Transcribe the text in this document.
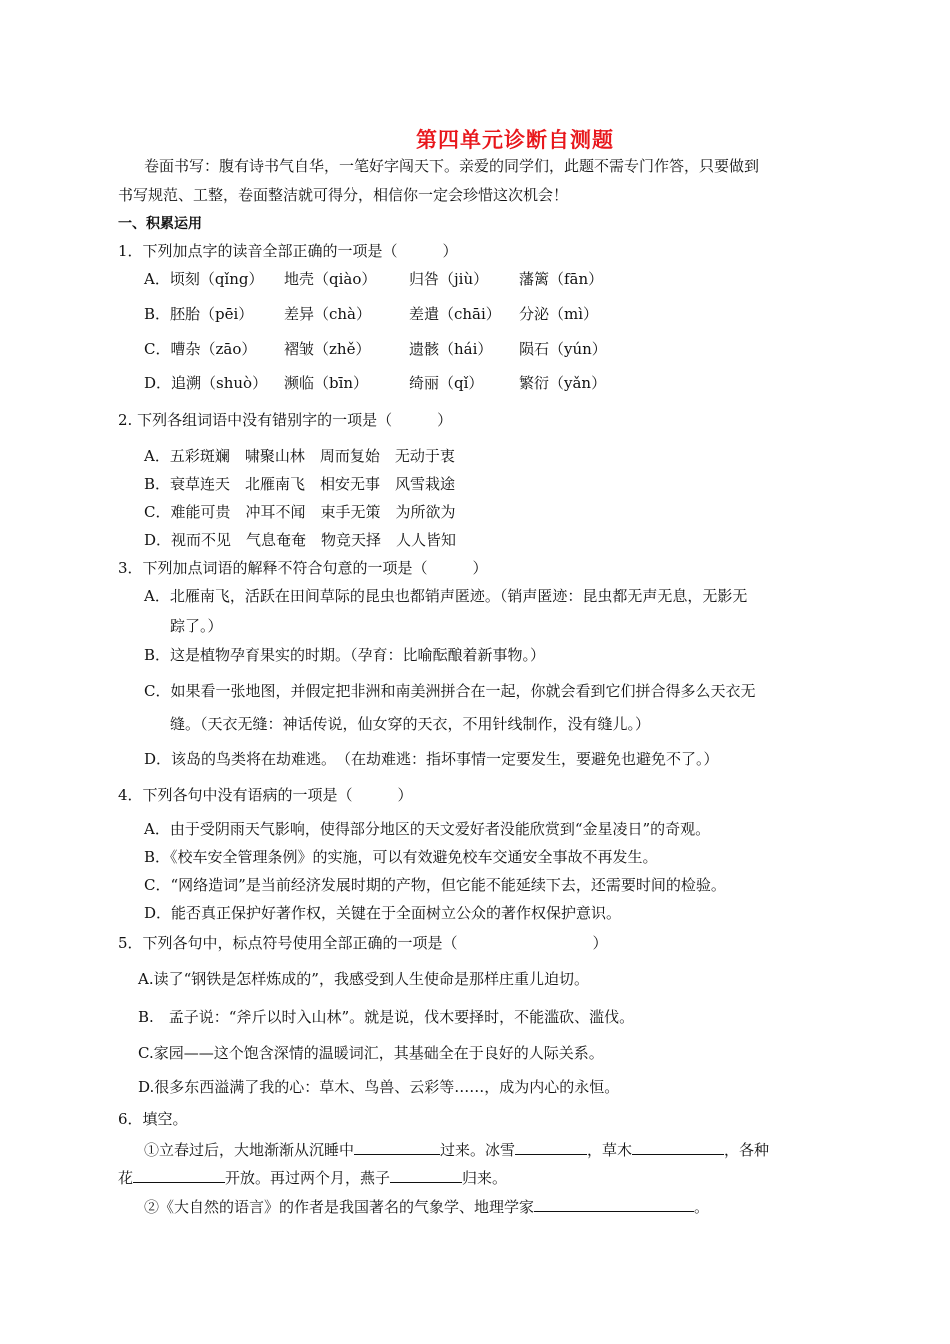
第四单元诊断自测题
卷面书写：腹有诗书气自华，一笔好字闯天下。亲爱的同学们，此题不需专门作答，只要做到
书写规范、工整，卷面整洁就可得分，相信你一定会珍惜这次机会！
一、积累运用
1．下列加点字的读音全部正确的一项是（　　　）
A．顷刻（qǐng） 地壳（qiào） 归咎（jiù） 藩篱（fān）
B．胚胎（pēi） 差异（chà）	差遣（chāi） 分泌（mì）
C．嘈杂（zāo） 褶皱（zhě）	遗骸（hái） 陨石（yún）
D．追溯（shuò） 濒临（bīn）	绮丽（qǐ） 繁衍（yǎn）
2. 下列各组词语中没有错别字的一项是（　　　）
A．五彩斑斓　啸聚山林　周而复始　无动于衷
B．衰草连天　北雁南飞　相安无事　风雪栽途
C．难能可贵　冲耳不闻　束手无策　为所欲为
D．视而不见　气息奄奄　物竞天择　人人皆知
3．下列加点词语的解释不符合句意的一项是（　　　）
A．北雁南飞，活跃在田间草际的昆虫也都销声匿迹。（销声匿迹：昆虫都无声无息，无影无
踪了。）
B．这是植物孕育果实的时期。（孕育：比喻酝酿着新事物。）
C．如果看一张地图，并假定把非洲和南美洲拼合在一起，你就会看到它们拼合得多么天衣无
缝。（天衣无缝：神话传说，仙女穿的天衣，不用针线制作，没有缝儿。）
D．该岛的鸟类将在劫难逃。　（在劫难逃：指坏事情一定要发生，要避免也避免不了。）
4．下列各句中没有语病的一项是（　　　）
A．由于受阴雨天气影响，使得部分地区的天文爱好者没能欣赏到“金星凌日”的奇观。
B．《校车安全管理条例》的实施，可以有效避免校车交通安全事故不再发生。
C．“网络造词”是当前经济发展时期的产物，但它能不能延续下去，还需要时间的检验。
D．能否真正保护好著作权，关键在于全面树立公众的著作权保护意识。
5．下列各句中，标点符号使用全部正确的一项是（　　　　　　　　　）
A.读了“钢铁是怎样炼成的”，我感受到人生使命是那样庄重儿迫切。
B.　孟子说：“斧斤以时入山林”。就是说，伐木要择时，不能滥砍、滥伐。
C.家园——这个饱含深情的温暖词汇，其基础全在于良好的人际关系。
D.很多东西溢满了我的心：草木、鸟兽、云彩等……，成为内心的永恒。
6．填空。
①立春过后，大地渐渐从沉睡中	过来。冰雪	，草木	，各种
花	开放。再过两个月，燕子	归来。
②《大自然的语言》的作者是我国著名的气象学、地理学家	。
